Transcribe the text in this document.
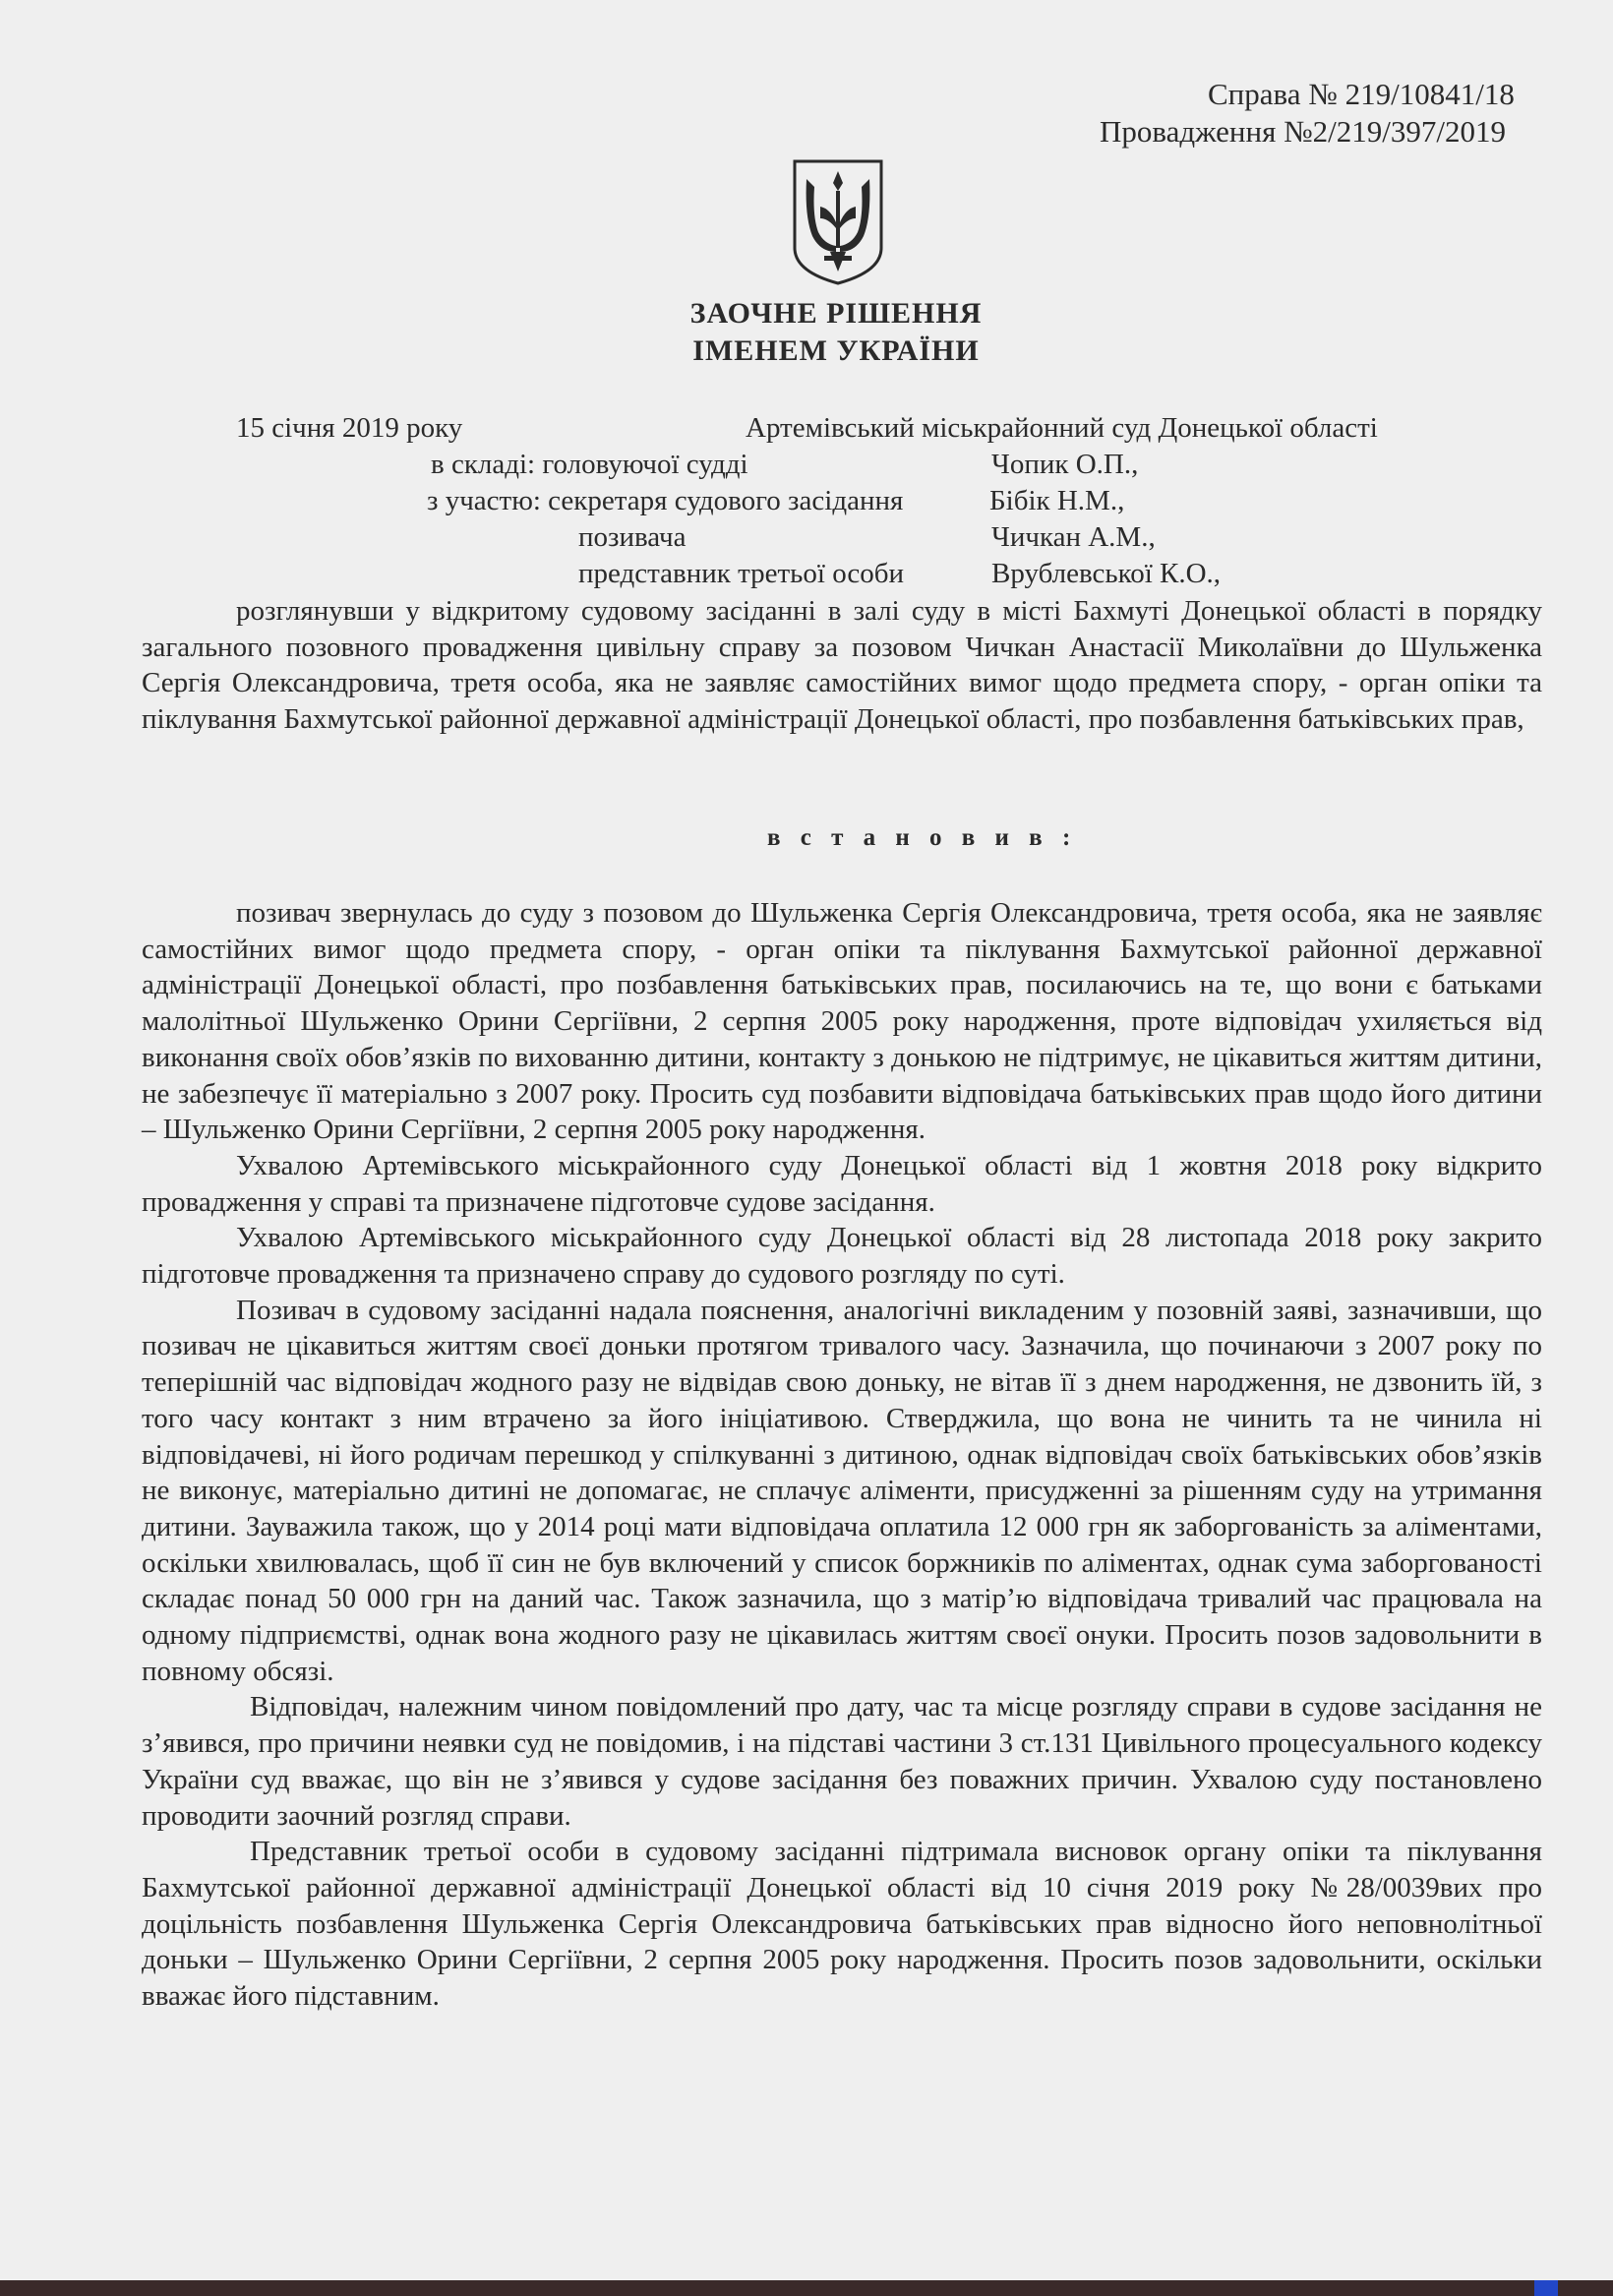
Справа № 219/10841/18
Провадження №2/219/397/2019
ЗАОЧНЕ РІШЕННЯ
ІМЕНЕМ УКРАЇНИ
15 січня 2019 року	Артемівський міськрайонний суд Донецької області
в складі: головуючої судді	Чопик О.П.,
з участю: секретаря судового засідання	Бібік Н.М.,
позивача	Чичкан А.М.,
представник третьої особи	Врублевської К.О.,

розглянувши у відкритому судовому засіданні в залі суду в місті Бахмуті Донецької області в порядку загального позовного провадження цивільну справу за позовом Чичкан Анастасії Миколаївни до Шульженка Сергія Олександровича, третя особа, яка не заявляє самостійних вимог щодо предмета спору, - орган опіки та піклування Бахмутської районної державної адміністрації Донецької області, про позбавлення батьківських прав,

в с т а н о в и в :

позивач звернулась до суду з позовом до Шульженка Сергія Олександровича, третя особа, яка не заявляє самостійних вимог щодо предмета спору, - орган опіки та піклування Бахмутської районної державної адміністрації Донецької області, про позбавлення батьківських прав, посилаючись на те, що вони є батьками малолітньої Шульженко Орини Сергіївни, 2 серпня 2005 року народження, проте відповідач ухиляється від виконання своїх обов’язків по вихованню дитини, контакту з донькою не підтримує, не цікавиться життям дитини, не забезпечує її матеріально з 2007 року. Просить суд позбавити відповідача батьківських прав щодо його дитини – Шульженко Орини Сергіївни, 2 серпня 2005 року народження.

Ухвалою Артемівського міськрайонного суду Донецької області від 1 жовтня 2018 року відкрито провадження у справі та призначене підготовче судове засідання.

Ухвалою Артемівського міськрайонного суду Донецької області від 28 листопада 2018 року закрито підготовче провадження та призначено справу до судового розгляду по суті.

Позивач в судовому засіданні надала пояснення, аналогічні викладеним у позовній заяві, зазначивши, що позивач не цікавиться життям своєї доньки протягом тривалого часу. Зазначила, що починаючи з 2007 року по теперішній час відповідач жодного разу не відвідав свою доньку, не вітав її з днем народження, не дзвонить їй, з того часу контакт з ним втрачено за його ініціативою. Стверджила, що вона не чинить та не чинила ні відповідачеві, ні його родичам перешкод у спілкуванні з дитиною, однак відповідач своїх батьківських обов’язків не виконує, матеріально дитині не допомагає, не сплачує аліменти, присудженні за рішенням суду на утримання дитини. Зауважила також, що у 2014 році мати відповідача оплатила 12 000 грн як заборгованість за аліментами, оскільки хвилювалась, щоб її син не був включений у список боржників по аліментах, однак сума заборгованості складає понад 50 000 грн на даний час. Також зазначила, що з матір’ю відповідача тривалий час працювала на одному підприємстві, однак вона жодного разу не цікавилась життям своєї онуки. Просить позов задовольнити в повному обсязі.

Відповідач, належним чином повідомлений про дату, час та місце розгляду справи в судове засідання не з’явився, про причини неявки суд не повідомив, і на підставі частини 3 ст.131 Цивільного процесуального кодексу України суд вважає, що він не з’явився у судове засідання без поважних причин. Ухвалою суду постановлено проводити заочний розгляд справи.

Представник третьої особи в судовому засіданні підтримала висновок органу опіки та піклування Бахмутської районної державної адміністрації Донецької області від 10 січня 2019 року №28/0039вих про доцільність позбавлення Шульженка Сергія Олександровича батьківських прав відносно його неповнолітньої доньки – Шульженко Орини Сергіївни, 2 серпня 2005 року народження. Просить позов задовольнити, оскільки вважає його підставним.
